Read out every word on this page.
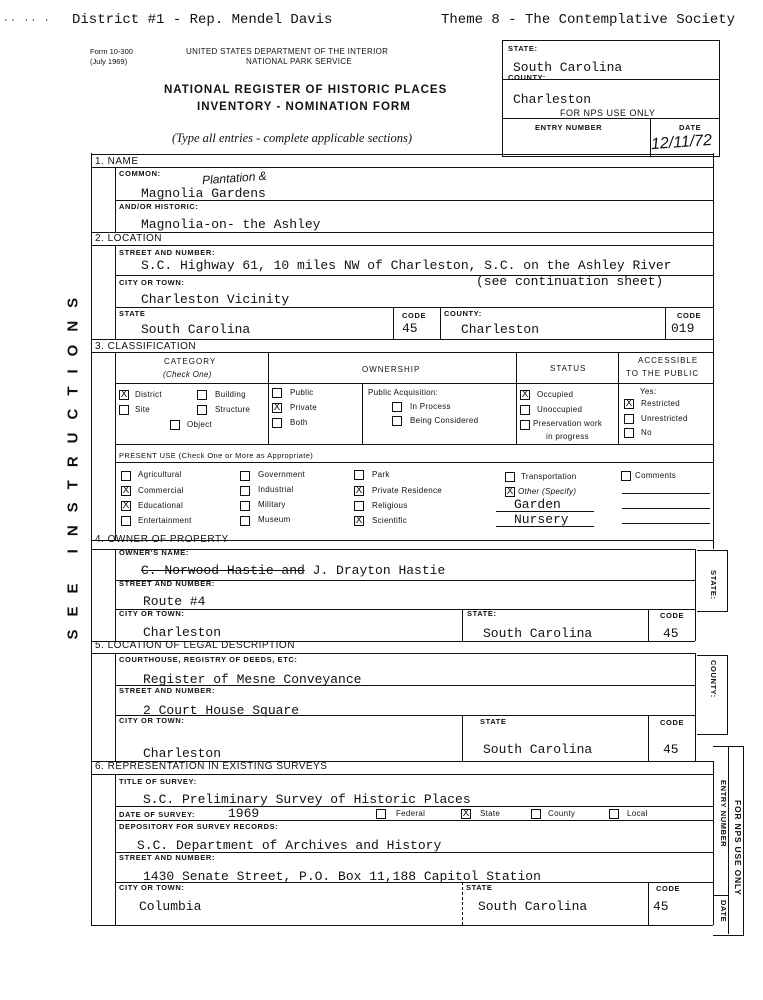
·· ·· · District #1 - Rep. Mendel Davis	Theme 8 - The Contemplative Society
Form 10-300
(July 1969)
UNITED STATES DEPARTMENT OF THE INTERIOR
NATIONAL PARK SERVICE
NATIONAL REGISTER OF HISTORIC PLACES
INVENTORY - NOMINATION FORM
(Type all entries - complete applicable sections)
STATE:
South Carolina
COUNTY:
Charleston
FOR NPS USE ONLY
ENTRY NUMBER	DATE
12/11/72
SEE INSTRUCTIONS
1. NAME
COMMON:
Magnolia Gardens
Plantation &
AND/OR HISTORIC:
Magnolia-on- the Ashley
2. LOCATION
STREET AND NUMBER:
S.C. Highway 61, 10 miles NW of Charleston, S.C. on the Ashley River
CITY OR TOWN:	(see continuation sheet)
Charleston Vicinity
STATE
South Carolina
CODE
45
COUNTY:
Charleston
CODE
019
3. CLASSIFICATION
CATEGORY
(Check One)
OWNERSHIP	STATUS
ACCESSIBLE
TO THE PUBLIC
X District	Building
Site	Structure
Object
Public
X Private
Both
Public Acquisition:
In Process
Being Considered
X Occupied
Unoccupied
Preservation work
in progress
Yes:
X Restricted
Unrestricted
No
PRESENT USE (Check One or More as Appropriate)
Agricultural
X Commercial
X Educational
Entertainment
Government
Industrial
Military
Museum
Park
X Private Residence
Religious
X Scientific
Transportation
X Other (Specify)
Garden
Nursery
Comments
4. OWNER OF PROPERTY
OWNER'S NAME:
C. Norwood Hastie and J. Drayton Hastie
STREET AND NUMBER:
Route #4
CITY OR TOWN:
Charleston
STATE:
South Carolina
CODE
45
STATE:
5. LOCATION OF LEGAL DESCRIPTION
COURTHOUSE, REGISTRY OF DEEDS, ETC:
Register of Mesne Conveyance
STREET AND NUMBER:
2 Court House Square
CITY OR TOWN:
Charleston
STATE
South Carolina
CODE
45
COUNTY:
6. REPRESENTATION IN EXISTING SURVEYS
TITLE OF SURVEY:
S.C. Preliminary Survey of Historic Places
DATE OF SURVEY:	1969	Federal	X State	County	Local
DEPOSITORY FOR SURVEY RECORDS:
S.C. Department of Archives and History
STREET AND NUMBER:
1430 Senate Street, P.O. Box 11,188 Capitol Station
CITY OR TOWN:
Columbia
STATE
South Carolina
CODE
45
ENTRY NUMBER
DATE
FOR NPS USE ONLY
